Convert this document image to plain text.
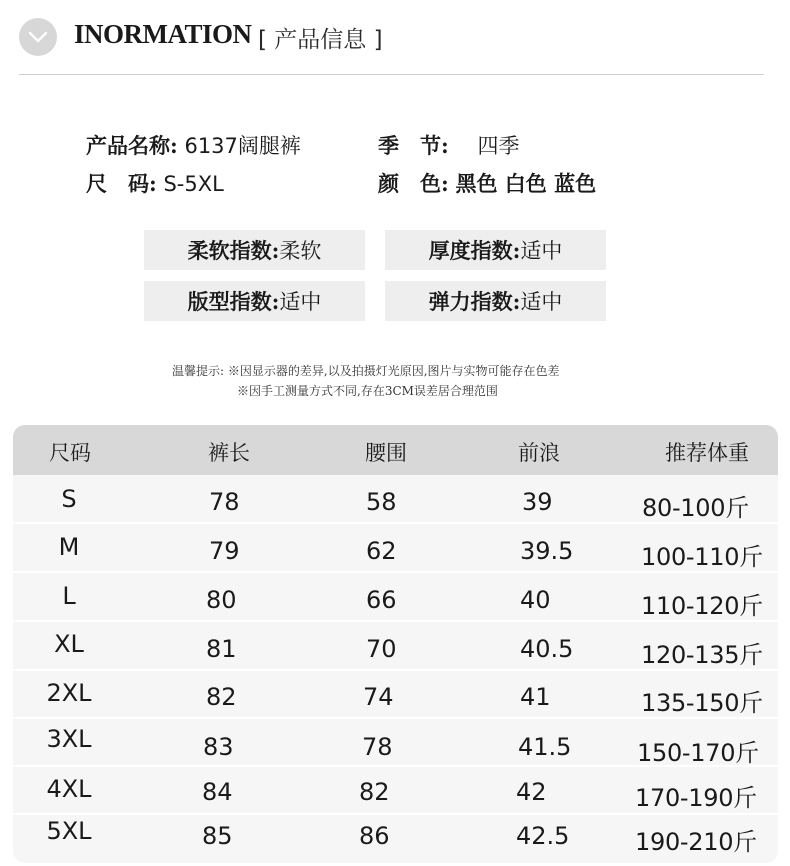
INORMATION [ 产品信息 ]
产品名称: 6137阔腿裤	季　节: 四季
尺　码: S-5XL	颜　色: 黑色 白色 蓝色
柔软指数: 柔软	厚度指数: 适中
版型指数: 适中	弹力指数: 适中
温馨提示: ※因显示器的差异,以及拍摄灯光原因,图片与实物可能存在色差
※因手工测量方式不同,存在3CM误差居合理范围
尺码	裤长	腰围	前浪	推荐体重
S	78	58	39	80-100斤
M	79	62	39.5	100-110斤
L	80	66	40	110-120斤
XL	81	70	40.5	120-135斤
2XL	82	74	41	135-150斤
3XL	83	78	41.5	150-170斤
4XL	84	82	42	170-190斤
5XL	85	86	42.5	190-210斤
